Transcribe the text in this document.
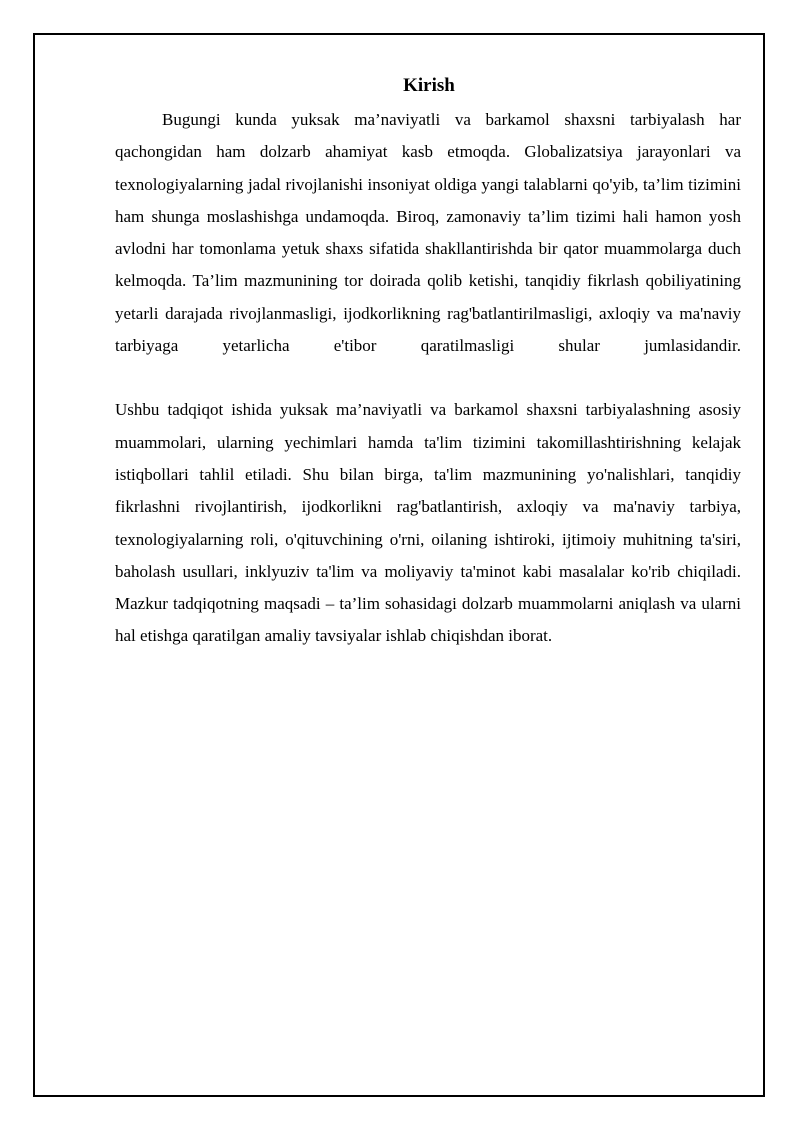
Kirish

Bugungi kunda yuksak ma’naviyatli va barkamol shaxsni tarbiyalash har qachongidan ham dolzarb ahamiyat kasb etmoqda. Globalizatsiya jarayonlari va texnologiyalarning jadal rivojlanishi insoniyat oldiga yangi talablarni qo'yib, ta’lim tizimini ham shunga moslashishga undamoqda. Biroq, zamonaviy ta’lim tizimi hali hamon yosh avlodni har tomonlama yetuk shaxs sifatida shakllantirishda bir qator muammolarga duch kelmoqda. Ta’lim mazmunining tor doirada qolib ketishi, tanqidiy fikrlash qobiliyatining yetarli darajada rivojlanmasligi, ijodkorlikning rag'batlantirilmasligi, axloqiy va ma'naviy tarbiyaga yetarlicha e'tibor qaratilmasligi shular jumlasidandir.

Ushbu tadqiqot ishida yuksak ma’naviyatli va barkamol shaxsni tarbiyalashning asosiy muammolari, ularning yechimlari hamda ta'lim tizimini takomillashtirishning kelajak istiqbollari tahlil etiladi. Shu bilan birga, ta'lim mazmunining yo'nalishlari, tanqidiy fikrlashni rivojlantirish, ijodkorlikni rag'batlantirish, axloqiy va ma'naviy tarbiya, texnologiyalarning roli, o'qituvchining o'rni, oilaning ishtiroki, ijtimoiy muhitning ta'siri, baholash usullari, inklyuziv ta'lim va moliyaviy ta'minot kabi masalalar ko'rib chiqiladi. Mazkur tadqiqotning maqsadi – ta’lim sohasidagi dolzarb muammolarni aniqlash va ularni hal etishga qaratilgan amaliy tavsiyalar ishlab chiqishdan iborat.
